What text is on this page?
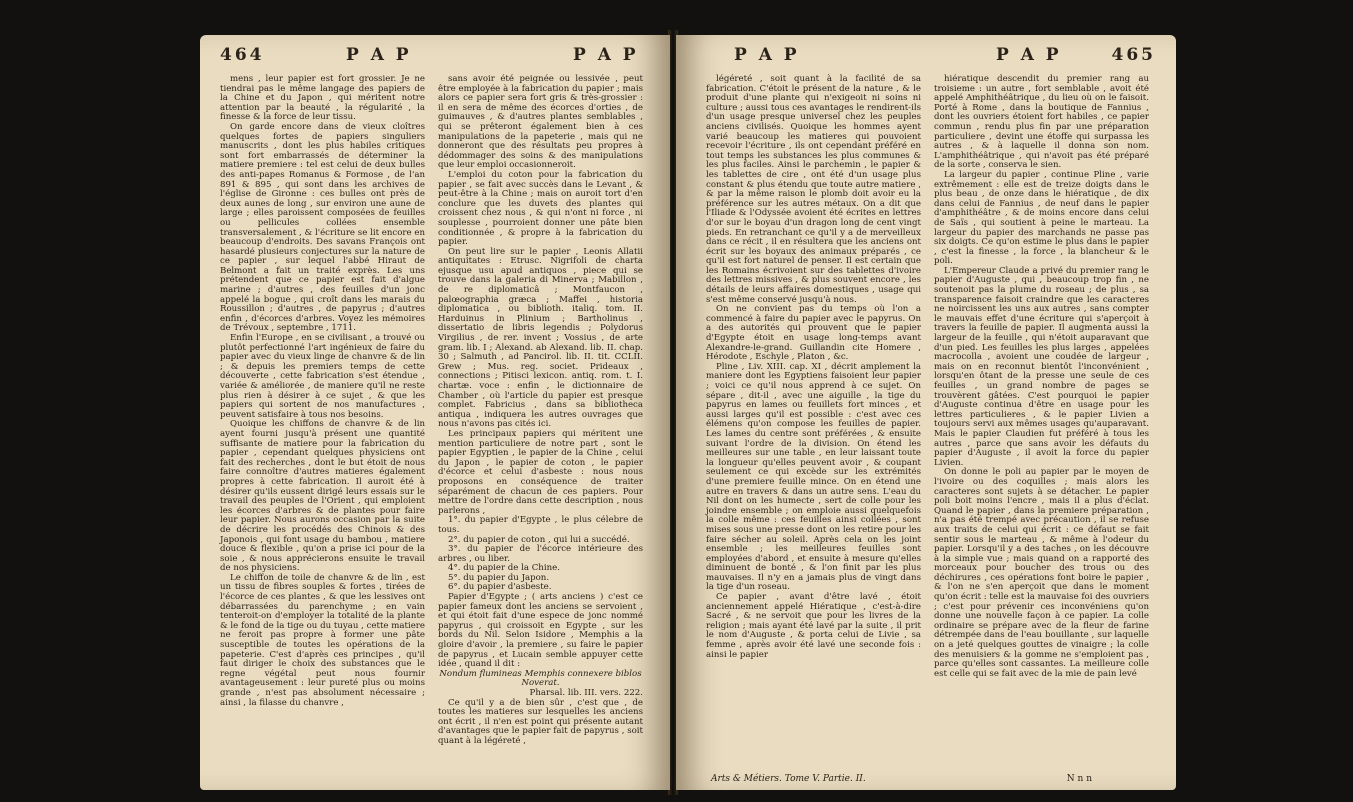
464	P A P	P A P

mens , leur papier est fort grossier. Je ne tiendrai pas le même langage des papiers de la Chine et du Japon , qui méritent notre attention par la beauté , la régularité , la finesse & la force de leur tissu.

On garde encore dans de vieux cloîtres quelques fortes de papiers singuliers manuscrits , dont les plus habiles critiques sont fort embarrassés de déterminer la matiere premiere : tel est celui de deux bulles des anti-papes Romanus & Formose , de l'an 891 & 895 , qui sont dans les archives de l'église de Gironne : ces bulles ont près de deux aunes de long , sur environ une aune de large ; elles paroissent composées de feuilles ou pellicules collées ensemble transversalement , & l'écriture se lit encore en beaucoup d'endroits. Des savans François ont hasardé plusieurs conjectures sur la nature de ce papier , sur lequel l'abbé Hiraut de Belmont a fait un traité exprès. Les uns prétendent que ce papier est fait d'algue marine ; d'autres , des feuilles d'un jonc appelé la bogue , qui croît dans les marais du Roussillon ; d'autres , de papyrus ; d'autres enfin , d'écorces d'arbres. Voyez les mémoires de Trévoux , septembre , 1711.

Enfin l'Europe , en se civilisant , a trouvé ou plutôt perfectionné l'art ingénieux de faire du papier avec du vieux linge de chanvre & de lin ; & depuis les premiers temps de cette découverte , cette fabrication s'est étendue , variée & améliorée , de maniere qu'il ne reste plus rien à désirer à ce sujet , & que les papiers qui sortent de nos manufactures , peuvent satisfaire à tous nos besoins.

Quoique les chiffons de chanvre & de lin ayent fourni jusqu'à présent une quantité suffisante de matiere pour la fabrication du papier , cependant quelques physiciens ont fait des recherches , dont le but étoit de nous faire connoître d'autres matieres également propres à cette fabrication. Il auroit été à désirer qu'ils eussent dirigé leurs essais sur le travail des peuples de l'Orient , qui emploient les écorces d'arbres & de plantes pour faire leur papier. Nous aurons occasion par la suite de décrire les procédés des Chinois & des Japonois , qui font usage du bambou , matiere douce & flexible , qu'on a prise ici pour de la soie , & nous apprécierons ensuite le travail de nos physiciens.

Le chiffon de toile de chanvre & de lin , est un tissu de fibres souples & fortes , tirées de l'écorce de ces plantes , & que les lessives ont débarrassées du parenchyme ; en vain tenteroit-on d'employer la totalité de la plante & le fond de la tige ou du tuyau , cette matiere ne feroit pas propre à former une pâte susceptible de toutes les opérations de la papeterie. C'est d'après ces principes , qu'il faut diriger le choix des substances que le regne végétal peut nous fournir avantageusement : leur pureté plus ou moins grande , n'est pas absolument nécessaire ; ainsi , la filasse du chanvre ,

sans avoir été peignée ou lessivée , peut être employée à la fabrication du papier ; mais alors ce papier sera fort gris & très-grossier : il en sera de même des écorces d'orties , de guimauves , & d'autres plantes semblables , qui se prêteront également bien à ces manipulations de la papeterie , mais qui ne donneront que des résultats peu propres à dédommager des soins & des manipulations que leur emploi occasionneroit.

L'emploi du coton pour la fabrication du papier , se fait avec succès dans le Levant , & peut-être à la Chine ; mais on auroit tort d'en conclure que les duvets des plantes qui croissent chez nous , & qui n'ont ni force , ni souplesse , pourroient donner une pâte bien conditionnée , & propre à la fabrication du papier.

On peut lire sur le papier , Leonis Allatii antiquitates : Etrusc. Nigrifoli de charta ejusque usu apud antiquos , piece qui se trouve dans la galeria di Minerva ; Mabillon , de re diplomaticâ ; Montfaucon , palœographia græca ; Maffei , historia diplomatica , ou biblioth. italiq. tom. II. Harduinus in Plinium ; Bartholinus , dissertatio de libris legendis ; Polydorus Virgilius , de rer. invent ; Vossius , de arte gram. lib. I ; Alexand. ab Alexand. lib. II. chap. 30 ; Salmuth , ad Pancirol. lib. II. tit. CCLII. Grew ; Mus. reg. societ. Prideaux , connections ; Pitisci lexicon. antiq. rom. t. I. chartæ. voce : enfin , le dictionnaire de Chamber , où l'article du papier est presque complet. Fabricius , dans sa bibliotheca antiqua , indiquera les autres ouvrages que nous n'avons pas cités ici.

Les principaux papiers qui méritent une mention particuliere de notre part , sont le papier Egyptien , le papier de la Chine , celui du Japon , le papier de coton , le papier d'écorce et celui d'asbeste : nous nous proposons en conséquence de traiter séparément de chacun de ces papiers. Pour mettre de l'ordre dans cette description , nous parlerons ,

1°. du papier d'Egypte , le plus célebre de tous.

2°. du papier de coton , qui lui a succédé.

3°. du papier de l'écorce intérieure des arbres , ou liber.

4°. du papier de la Chine.

5°. du papier du Japon.

6°. du papier d'asbeste.

Papier d'Egypte ; ( arts anciens ) c'est ce papier fameux dont les anciens se servoient , et qui étoit fait d'une espece de jonc nommé papyrus , qui croissoit en Egypte , sur les bords du Nil. Selon Isidore , Memphis a la gloire d'avoir , la premiere , su faire le papier de papyrus , et Lucain semble appuyer cette idée , quand il dit :

Nondum flumineas Memphis connexere biblos Noverat.

Pharsal. lib. III. vers. 222.

Ce qu'il y a de bien sûr , c'est que , de toutes les matieres sur lesquelles les anciens ont écrit , il n'en est point qui présente autant d'avantages que le papier fait de papyrus , soit quant à la légéreté ,

P A P	P A P	465

légéreté , soit quant à la facilité de sa fabrication. C'étoit le présent de la nature , & le produit d'une plante qui n'exigeoit ni soins ni culture ; aussi tous ces avantages le rendirent-ils d'un usage presque universel chez les peuples anciens civilisés. Quoique les hommes ayent varié beaucoup les matieres qui pouvoient recevoir l'écriture , ils ont cependant préféré en tout temps les substances les plus communes & les plus faciles. Ainsi le parchemin , le papier & les tablettes de cire , ont été d'un usage plus constant & plus étendu que toute autre matiere , & par la même raison le plomb doit avoir eu la préférence sur les autres métaux. On a dit que l'Iliade & l'Odyssée avoient été écrites en lettres d'or sur le boyau d'un dragon long de cent vingt pieds. En retranchant ce qu'il y a de merveilleux dans ce récit , il en résultera que les anciens ont écrit sur les boyaux des animaux préparés , ce qu'il est fort naturel de penser. Il est certain que les Romains écrivoient sur des tablettes d'ivoire des lettres missives , & plus souvent encore , les détails de leurs affaires domestiques , usage qui s'est même conservé jusqu'à nous.

On ne convient pas du temps où l'on a commencé à faire du papier avec le papyrus. On a des autorités qui prouvent que le papier d'Egypte étoit en usage long-temps avant Alexandre-le-grand. Guillandin cite Homere , Hérodote , Eschyle , Platon , &c.

Pline , Liv. XIII. cap. XI , décrit amplement la maniere dont les Egyptiens faisoient leur papier ; voici ce qu'il nous apprend à ce sujet. On sépare , dit-il , avec une aiguille , la tige du papyrus en lames ou feuillets fort minces , et aussi larges qu'il est possible : c'est avec ces élémens qu'on compose les feuilles de papier. Les lames du centre sont préférées , & ensuite suivant l'ordre de la division. On étend les meilleures sur une table , en leur laissant toute la longueur qu'elles peuvent avoir , & coupant seulement ce qui excède sur les extrémités d'une premiere feuille mince. On en étend une autre en travers & dans un autre sens. L'eau du Nil dont on les humecte , sert de colle pour les joindre ensemble ; on emploie aussi quelquefois la colle même : ces feuilles ainsi collées , sont mises sous une presse dont on les retire pour les faire sécher au soleil. Après cela on les joint ensemble ; les meilleures feuilles sont employées d'abord , et ensuite à mesure qu'elles diminuent de bonté , & l'on finit par les plus mauvaises. Il n'y en a jamais plus de vingt dans la tige d'un roseau.

Ce papier , avant d'être lavé , étoit anciennement appelé Hiératique , c'est-à-dire Sacré , & ne servoit que pour les livres de la religion ; mais ayant été lavé par la suite , il prit le nom d'Auguste , & porta celui de Livie , sa femme , après avoir été lavé une seconde fois : ainsi le papier

hiératique descendit du premier rang au troisieme : un autre , fort semblable , avoit été appelé Amphithéâtrique , du lieu où on le faisoit. Porté à Rome , dans la boutique de Fannius , dont les ouvriers étoient fort habiles , ce papier commun , rendu plus fin par une préparation particuliere , devint une étoffe qui surpassa les autres , & à laquelle il donna son nom. L'amphithéâtrique , qui n'avoit pas été préparé de la sorte , conserva le sien.

La largeur du papier , continue Pline , varie extrêmement : elle est de treize doigts dans le plus beau , de onze dans le hiératique , de dix dans celui de Fannius , de neuf dans le papier d'amphithéâtre , & de moins encore dans celui de Saïs , qui soutient à peine le marteau. La largeur du papier des marchands ne passe pas six doigts. Ce qu'on estime le plus dans le papier , c'est la finesse , la force , la blancheur & le poli.

L'Empereur Claude a privé du premier rang le papier d'Auguste , qui , beaucoup trop fin , ne soutenoit pas la plume du roseau ; de plus , sa transparence faisoit craindre que les caracteres ne noircissent les uns aux autres , sans compter le mauvais effet d'une écriture qui s'aperçoit à travers la feuille de papier. Il augmenta aussi la largeur de la feuille , qui n'étoit auparavant que d'un pied. Les feuilles les plus larges , appelées macrocolla , avoient une coudée de largeur , mais on en reconnut bientôt l'inconvénient , lorsqu'en ôtant de la presse une seule de ces feuilles , un grand nombre de pages se trouvèrent gâtées. C'est pourquoi le papier d'Auguste continua d'être en usage pour les lettres particulieres , & le papier Livien a toujours servi aux mêmes usages qu'auparavant. Mais le papier Claudien fut préféré à tous les autres , parce que sans avoir les défauts du papier d'Auguste , il avoit la force du papier Livien.

On donne le poli au papier par le moyen de l'ivoire ou des coquilles ; mais alors les caracteres sont sujets à se détacher. Le papier poli boit moins l'encre , mais il a plus d'éclat. Quand le papier , dans la premiere préparation , n'a pas été trempé avec précaution , il se refuse aux traits de celui qui écrit : ce défaut se fait sentir sous le marteau , & même à l'odeur du papier. Lorsqu'il y a des taches , on les découvre à la simple vue ; mais quand on a rapporté des morceaux pour boucher des trous ou des déchirures , ces opérations font boire le papier , & l'on ne s'en aperçoit que dans le moment qu'on écrit : telle est la mauvaise foi des ouvriers ; c'est pour prévenir ces inconvéniens qu'on donne une nouvelle façon à ce papier. La colle ordinaire se prépare avec de la fleur de farine détrempée dans de l'eau bouillante , sur laquelle on a jeté quelques gouttes de vinaigre ; la colle des menuisiers & la gomme ne s'emploient pas , parce qu'elles sont cassantes. La meilleure colle est celle qui se fait avec de la mie de pain levé

Arts & Métiers. Tome V. Partie. II.	N n n
